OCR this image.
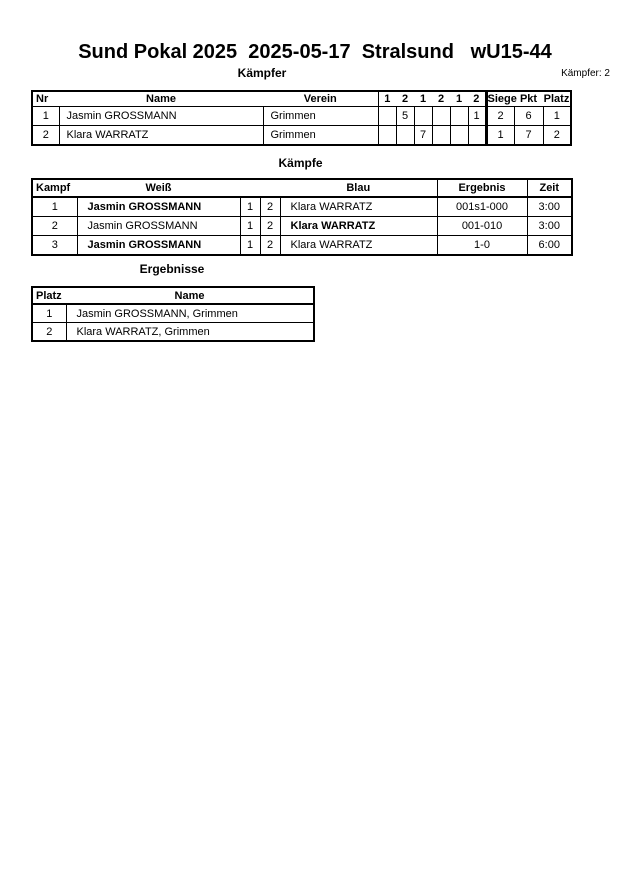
Sund Pokal 2025  2025-05-17  Stralsund   wU15-44
Kämpfer: 2
Kämpfer
Nr	Name	Verein	1	2	1	2	1	2	Siege	Pkt	Platz
1	Jasmin GROSSMANN	Grimmen		5				1	2	6	1
2	Klara WARRATZ	Grimmen			7				1	7	2
Kämpfe
Kampf	Weiß			Blau	Ergebnis	Zeit
1	Jasmin GROSSMANN	1	2	Klara WARRATZ	001s1-000	3:00
2	Jasmin GROSSMANN	1	2	Klara WARRATZ	001-010	3:00
3	Jasmin GROSSMANN	1	2	Klara WARRATZ	1-0	6:00
Ergebnisse
Platz	Name
1	Jasmin GROSSMANN, Grimmen
2	Klara WARRATZ, Grimmen
